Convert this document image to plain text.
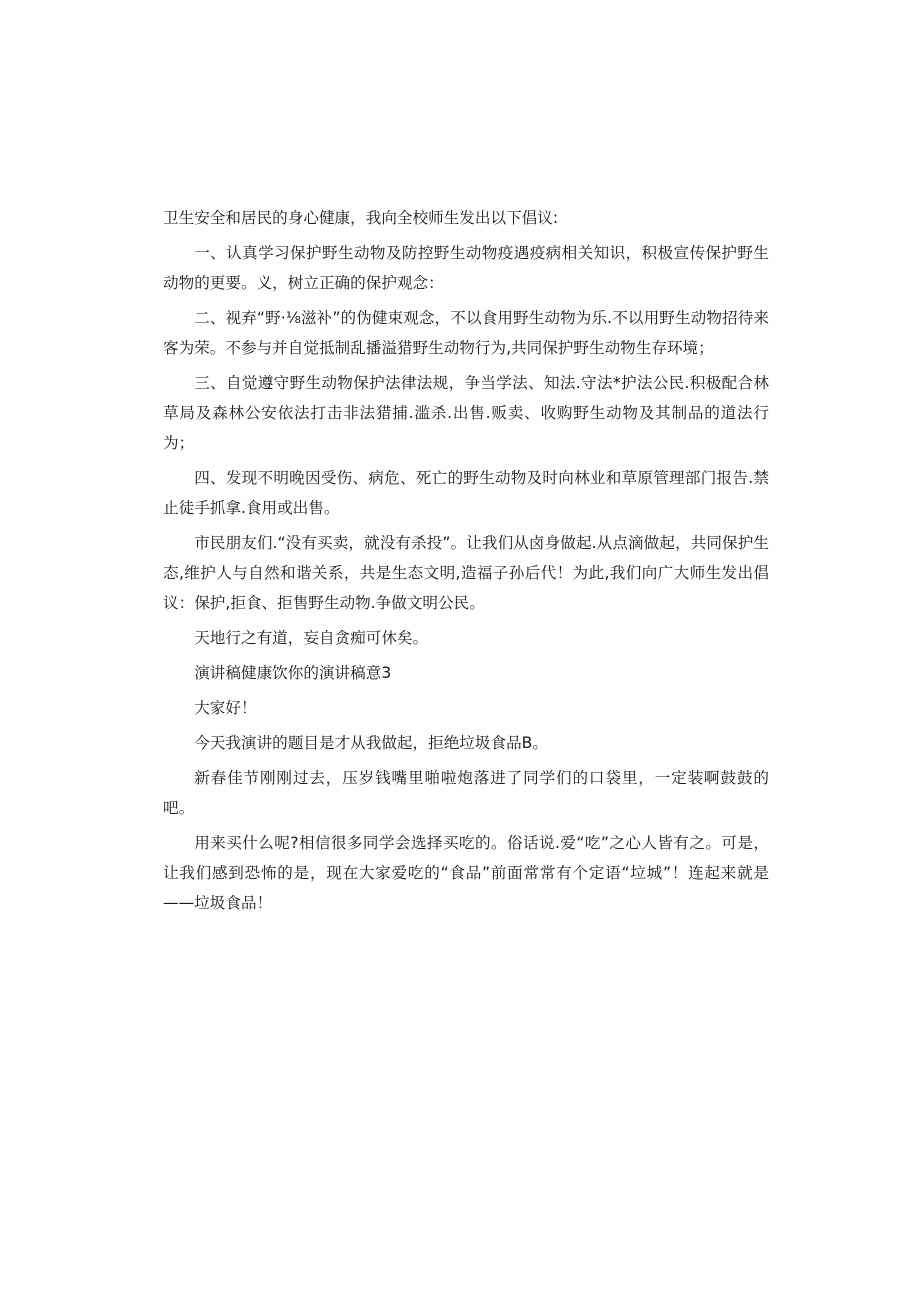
卫生安全和居民的身心健康，我向全校师生发出以下倡议:

一、认真学习保护野生动物及防控野生动物疫遇疫病相关知识，积极宣传保护野生动物的更要。义，树立正确的保护观念：

二、视弃“野·⅛滋补”的伪健束观念，不以食用野生动物为乐.不以用野生动物招待来客为荣。不参与并自觉抵制乱播溢猎野生动物行为,共同保护野生动物生存环境；

三、自觉遵守野生动物保护法律法规，争当学法、知法.守法*护法公民.积极配合林草局及森林公安依法打击非法猎捕.滥杀.出售.贩卖、收购野生动物及其制品的道法行为；

四、发现不明晚因受伤、病危、死亡的野生动物及时向林业和草原管理部门报告.禁止徒手抓拿.食用或出售。

市民朋友们.“没有买卖，就没有杀投”。让我们从卤身做起.从点滴做起，共同保护生态,维护人与自然和谐关系，共是生态文明,造福子孙后代！为此,我们向广大师生发出倡议：保护,拒食、拒售野生动物.争做文明公民。

天地行之有道，妄自贪痴可休矣。

演讲稿健康饮你的演讲稿意3

大家好！

今天我演讲的题目是才从我做起，拒绝垃圾食品B。

新春佳节刚刚过去，压岁钱嘴里啪啦炮落进了同学们的口袋里，一定装啊鼓鼓的吧。

用来买什么呢?相信很多同学会选择买吃的。俗话说.爱“吃”之心人皆有之。可是，让我们感到恐怖的是，现在大家爱吃的“食品”前面常常有个定语“垃城”！连起来就是——垃圾食品！
